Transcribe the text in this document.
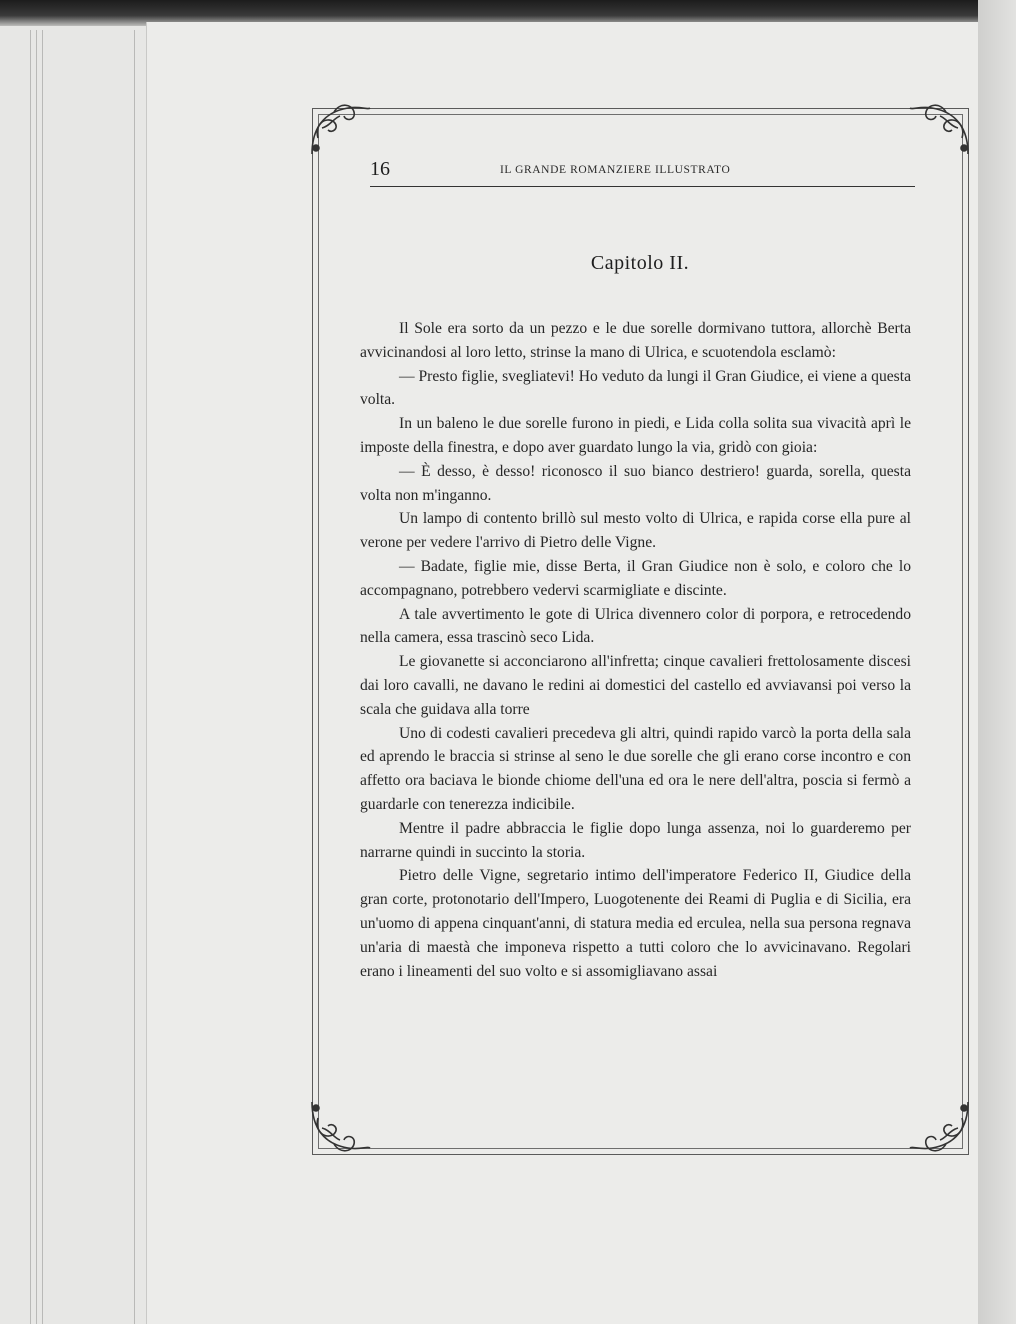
16	IL GRANDE ROMANZIERE ILLUSTRATO
Capitolo II.

Il Sole era sorto da un pezzo e le due sorelle dormivano tuttora, allorchè Berta avvicinandosi al loro letto, strinse la mano di Ulrica, e scuotendola esclamò:

— Presto figlie, svegliatevi! Ho veduto da lungi il Gran Giudice, ei viene a questa volta.

In un baleno le due sorelle furono in piedi, e Lida colla solita sua vivacità aprì le imposte della finestra, e dopo aver guardato lungo la via, gridò con gioia:

— È desso, è desso! riconosco il suo bianco destriero! guarda, sorella, questa volta non m'inganno.

Un lampo di contento brillò sul mesto volto di Ulrica, e rapida corse ella pure al verone per vedere l'arrivo di Pietro delle Vigne.

— Badate, figlie mie, disse Berta, il Gran Giudice non è solo, e coloro che lo accompagnano, potrebbero vedervi scarmigliate e discinte.

A tale avvertimento le gote di Ulrica divennero color di porpora, e retrocedendo nella camera, essa trascinò seco Lida.

Le giovanette si acconciarono all'infretta; cinque cavalieri frettolosamente discesi dai loro cavalli, ne davano le redini ai domestici del castello ed avviavansi poi verso la scala che guidava alla torre

Uno di codesti cavalieri precedeva gli altri, quindi rapido varcò la porta della sala ed aprendo le braccia si strinse al seno le due sorelle che gli erano corse incontro e con affetto ora baciava le bionde chiome dell'una ed ora le nere dell'altra, poscia si fermò a guardarle con tenerezza indicibile.

Mentre il padre abbraccia le figlie dopo lunga assenza, noi lo guarderemo per narrarne quindi in succinto la storia.

Pietro delle Vigne, segretario intimo dell'imperatore Federico II, Giudice della gran corte, protonotario dell'Impero, Luogotenente dei Reami di Puglia e di Sicilia, era un'uomo di appena cinquant'anni, di statura media ed erculea, nella sua persona regnava un'aria di maestà che imponeva rispetto a tutti coloro che lo avvicinavano. Regolari erano i lineamenti del suo volto e si assomigliavano assai
